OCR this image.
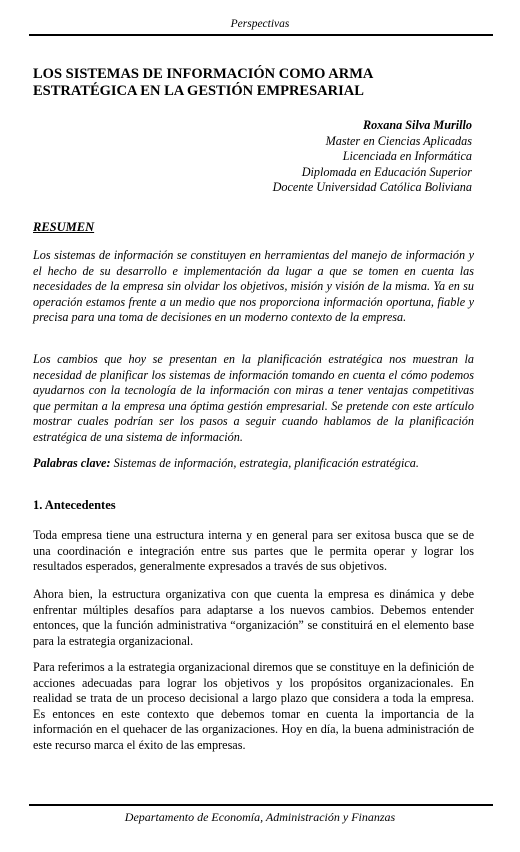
Perspectivas
LOS SISTEMAS DE INFORMACIÓN COMO ARMA
ESTRATÉGICA EN LA GESTIÓN EMPRESARIAL
Roxana Silva Murillo
Master en Ciencias Aplicadas
Licenciada en Informática
Diplomada en Educación Superior
Docente Universidad Católica Boliviana
RESUMEN

Los sistemas de información se constituyen en herramientas del manejo de información y el hecho de su desarrollo e implementación da lugar a que se tomen en cuenta las necesidades de la empresa sin olvidar los objetivos, misión y visión de la misma. Ya en su operación estamos frente a un medio que nos proporciona información oportuna, fiable y precisa para una toma de decisiones en un moderno contexto de la empresa.

Los cambios que hoy se presentan en la planificación estratégica nos muestran la necesidad de planificar los sistemas de información tomando en cuenta el cómo podemos ayudarnos con la tecnología de la información con miras a tener ventajas competitivas que permitan a la empresa una óptima gestión empresarial. Se pretende con este artículo mostrar cuales podrían ser los pasos a seguir cuando hablamos de la planificación estratégica de una sistema de información.

Palabras clave: Sistemas de información, estrategia, planificación estratégica.

1. Antecedentes

Toda empresa tiene una estructura interna y en general para ser exitosa busca que se de una coordinación e integración entre sus partes que le permita operar y lograr los resultados esperados, generalmente expresados a través de sus objetivos.

Ahora bien, la estructura organizativa con que cuenta la empresa es dinámica y debe enfrentar múltiples desafíos para adaptarse a los nuevos cambios. Debemos entender entonces, que la función administrativa “organización” se constituirá en el elemento base para la estrategia organizacional.

Para referimos a la estrategia organizacional diremos que se constituye en la definición de acciones adecuadas para lograr los objetivos y los propósitos organizacionales. En realidad se trata de un proceso decisional a largo plazo que considera a toda la empresa. Es entonces en este contexto que debemos tomar en cuenta la importancia de la información en el quehacer de las organizaciones. Hoy en día, la buena administración de este recurso marca el éxito de las empresas.

Departamento de Economía, Administración y Finanzas
